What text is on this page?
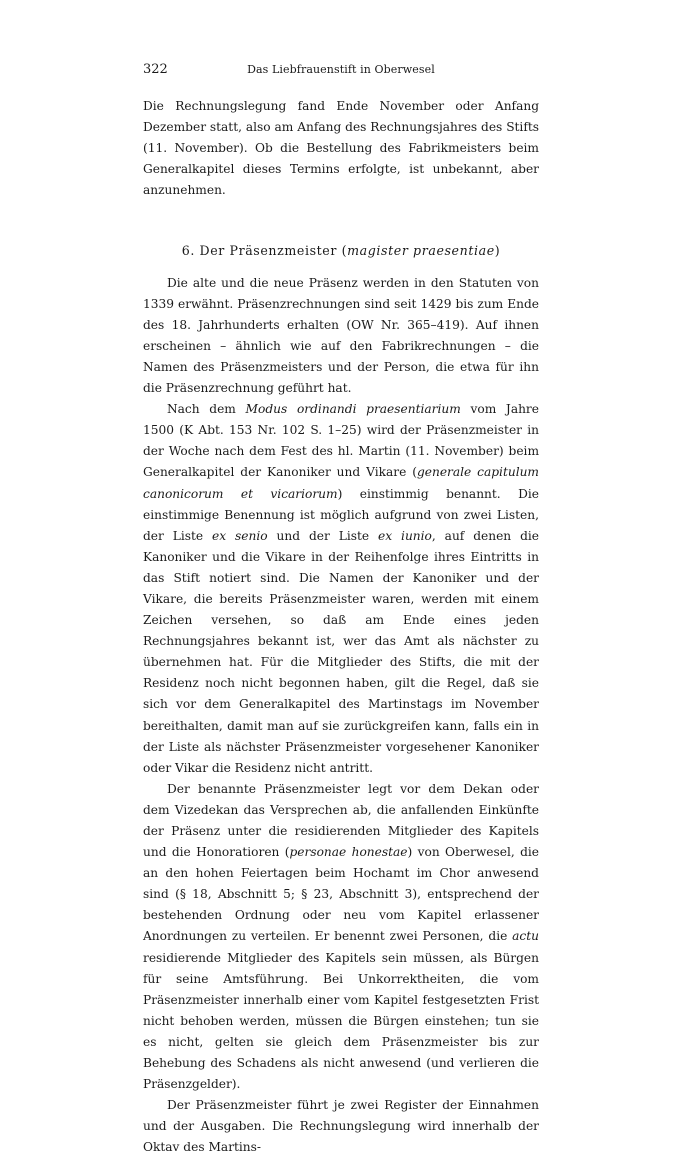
322	Das Liebfrauenstift in Oberwesel

Die Rechnungslegung fand Ende November oder Anfang Dezember statt, also am Anfang des Rechnungsjahres des Stifts (11. November). Ob die Bestellung des Fabrikmeisters beim Generalkapitel dieses Termins erfolgte, ist unbekannt, aber anzunehmen.

6. Der Präsenzmeister (magister praesentiae)

Die alte und die neue Präsenz werden in den Statuten von 1339 erwähnt. Präsenzrechnungen sind seit 1429 bis zum Ende des 18. Jahrhunderts erhalten (OW Nr. 365–419). Auf ihnen erscheinen – ähnlich wie auf den Fabrikrechnungen – die Namen des Präsenzmeisters und der Person, die etwa für ihn die Präsenzrechnung geführt hat.

Nach dem Modus ordinandi praesentiarium vom Jahre 1500 (K Abt. 153 Nr. 102 S. 1–25) wird der Präsenzmeister in der Woche nach dem Fest des hl. Martin (11. November) beim Generalkapitel der Kanoniker und Vikare (generale capitulum canonicorum et vicariorum) einstimmig benannt. Die einstimmige Benennung ist möglich aufgrund von zwei Listen, der Liste ex senio und der Liste ex iunio, auf denen die Kanoniker und die Vikare in der Reihenfolge ihres Eintritts in das Stift notiert sind. Die Namen der Kanoniker und der Vikare, die bereits Präsenzmeister waren, werden mit einem Zeichen versehen, so daß am Ende eines jeden Rechnungsjahres bekannt ist, wer das Amt als nächster zu übernehmen hat. Für die Mitglieder des Stifts, die mit der Residenz noch nicht begonnen haben, gilt die Regel, daß sie sich vor dem Generalkapitel des Martinstags im November bereithalten, damit man auf sie zurückgreifen kann, falls ein in der Liste als nächster Präsenzmeister vorgesehener Kanoniker oder Vikar die Residenz nicht antritt.

Der benannte Präsenzmeister legt vor dem Dekan oder dem Vizedekan das Versprechen ab, die anfallenden Einkünfte der Präsenz unter die residierenden Mitglieder des Kapitels und die Honoratioren (personae honestae) von Oberwesel, die an den hohen Feiertagen beim Hochamt im Chor anwesend sind (§ 18, Abschnitt 5; § 23, Abschnitt 3), entsprechend der bestehenden Ordnung oder neu vom Kapitel erlassener Anordnungen zu verteilen. Er benennt zwei Personen, die actu residierende Mitglieder des Kapitels sein müssen, als Bürgen für seine Amtsführung. Bei Unkorrektheiten, die vom Präsenzmeister innerhalb einer vom Kapitel festgesetzten Frist nicht behoben werden, müssen die Bürgen einstehen; tun sie es nicht, gelten sie gleich dem Präsenzmeister bis zur Behebung des Schadens als nicht anwesend (und verlieren die Präsenzgelder).

Der Präsenzmeister führt je zwei Register der Einnahmen und der Ausgaben. Die Rechnungslegung wird innerhalb der Oktav des Martins-
